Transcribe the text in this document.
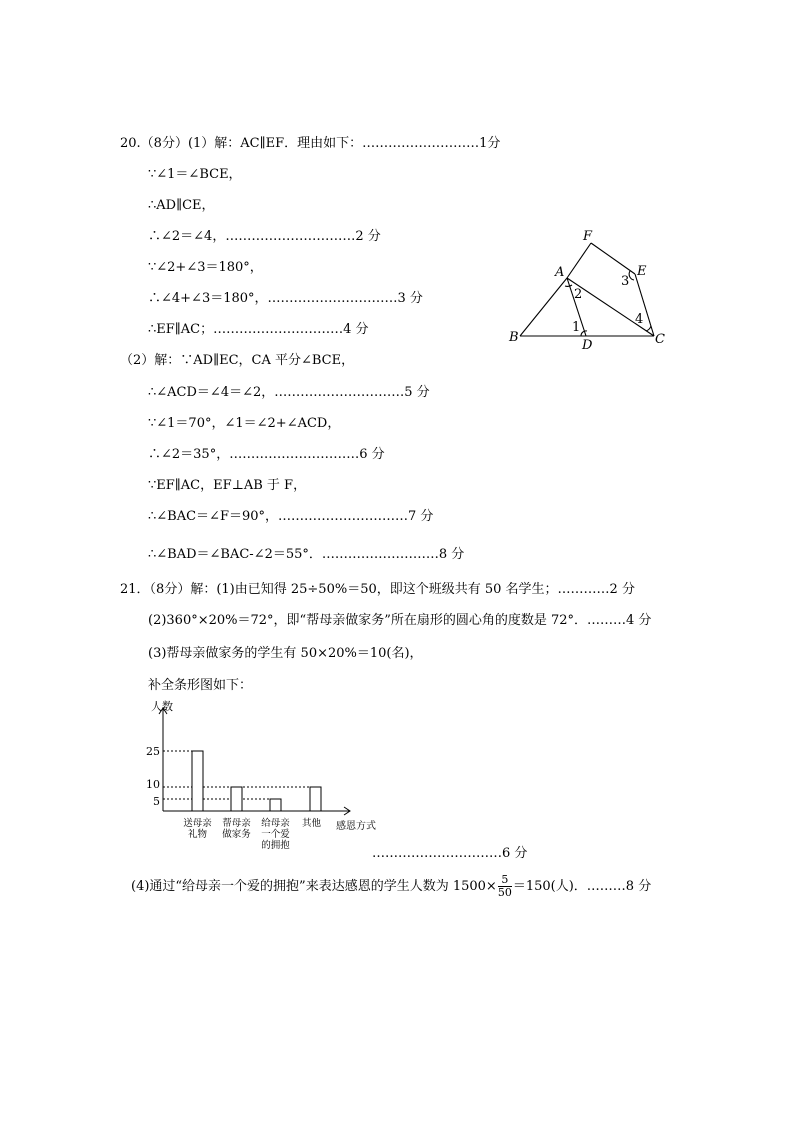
20.（8分）(1）解：AC∥EF．理由如下：………………………1分
∵∠1＝∠BCE，
∴AD∥CE，
∴∠2＝∠4，…………………………2 分
∵∠2+∠3＝180°，
∴∠4+∠3＝180°，…………………………3 分
∴EF∥AC；…………………………4 分
（2）解：∵AD∥EC，CA 平分∠BCE，
∴∠ACD＝∠4＝∠2，…………………………5 分
∵∠1＝70°，∠1＝∠2+∠ACD，
∴∠2＝35°，…………………………6 分
∵EF∥AC，EF⊥AB 于 F，
∴∠BAC＝∠F＝90°，…………………………7 分
∴∠BAD＝∠BAC-∠2＝55°．………………………8 分
F
A	E
B
D	C
1
2
3
4
21．（8分）解：(1)由已知得 25÷50%＝50，即这个班级共有 50 名学生；…………2 分
(2)360°×20%＝72°，即“帮母亲做家务”所在扇形的圆心角的度数是 72°．………4 分
(3)帮母亲做家务的学生有 50×20%＝10(名)，
补全条形图如下：
人数
感恩方式
5
10
25
送母亲
礼物
帮母亲
做家务
给母亲
一个爱
的拥抱
其他
…………………………6 分
(4)通过“给母亲一个爱的拥抱”来表达感恩的学生人数为 $1500\times \frac{5}{50} =150$(人)．………8 分
